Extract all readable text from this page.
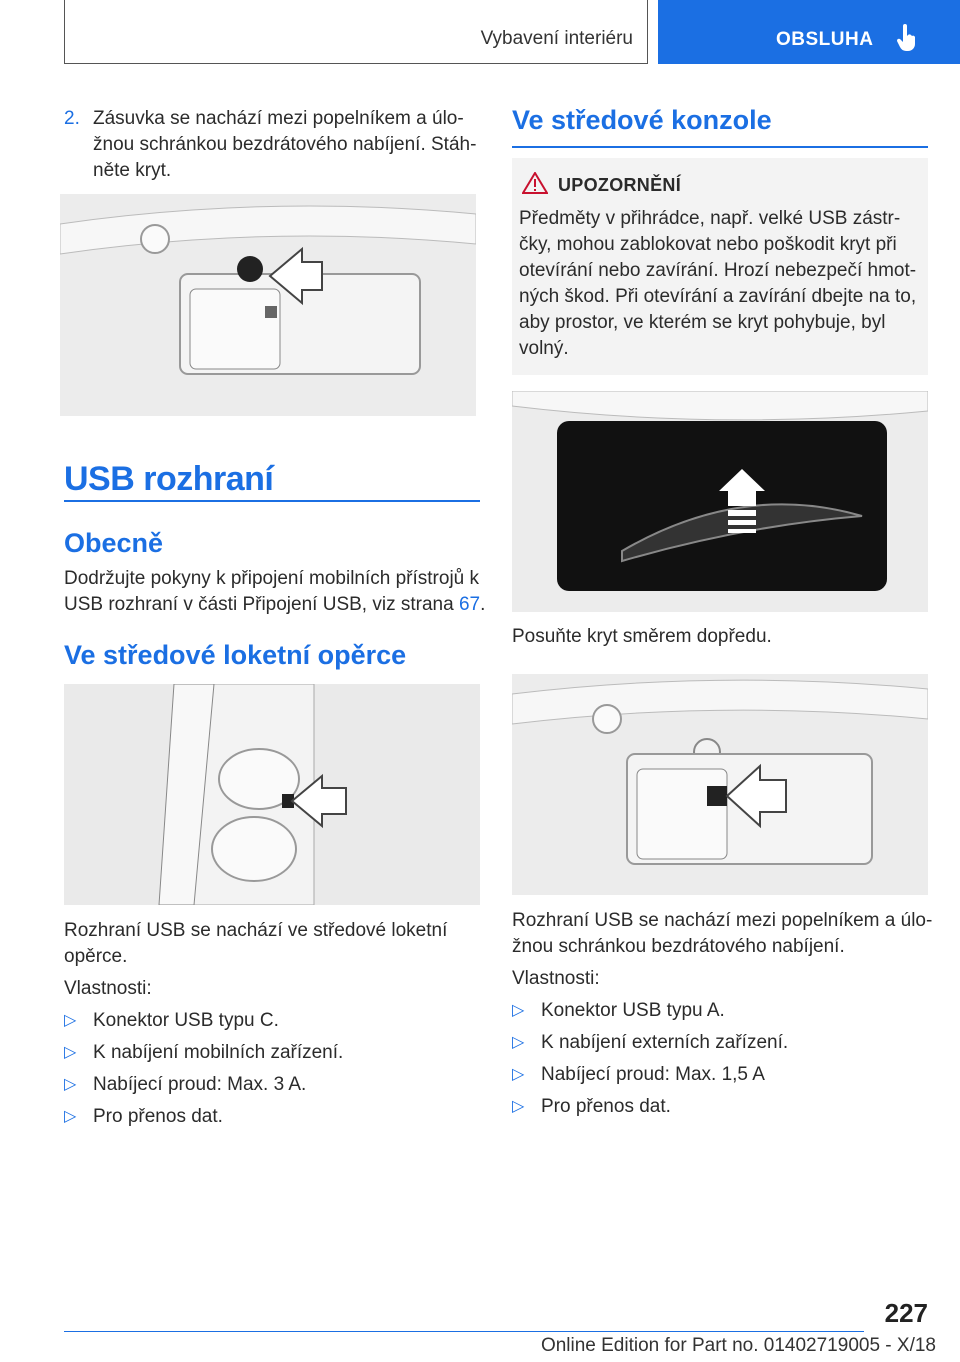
Vybavení interiéru	OBSLUHA
2. Zásuvka se nachází mezi popelníkem a úlo-
žnou schránkou bezdrátového nabíjení. Stáh-
něte kryt.
USB rozhraní
Obecně
Dodržujte pokyny k připojení mobilních přístrojů k
USB rozhraní v části Připojení USB, viz strana 67.
Ve středové loketní opěrce
Rozhraní USB se nachází ve středové loketní
opěrce.
Vlastnosti:
▷ Konektor USB typu C.
▷ K nabíjení mobilních zařízení.
▷ Nabíjecí proud: Max. 3 A.
▷ Pro přenos dat.
Ve středové konzole
UPOZORNĚNÍ
Předměty v přihrádce, např. velké USB zástr-
čky, mohou zablokovat nebo poškodit kryt při
otevírání nebo zavírání. Hrozí nebezpečí hmot-
ných škod. Při otevírání a zavírání dbejte na to,
aby prostor, ve kterém se kryt pohybuje, byl
volný.
Posuňte kryt směrem dopředu.
Rozhraní USB se nachází mezi popelníkem a úlo-
žnou schránkou bezdrátového nabíjení.
Vlastnosti:
▷ Konektor USB typu A.
▷ K nabíjení externích zařízení.
▷ Nabíjecí proud: Max. 1,5 A
▷ Pro přenos dat.
227
Online Edition for Part no. 01402719005 - X/18
